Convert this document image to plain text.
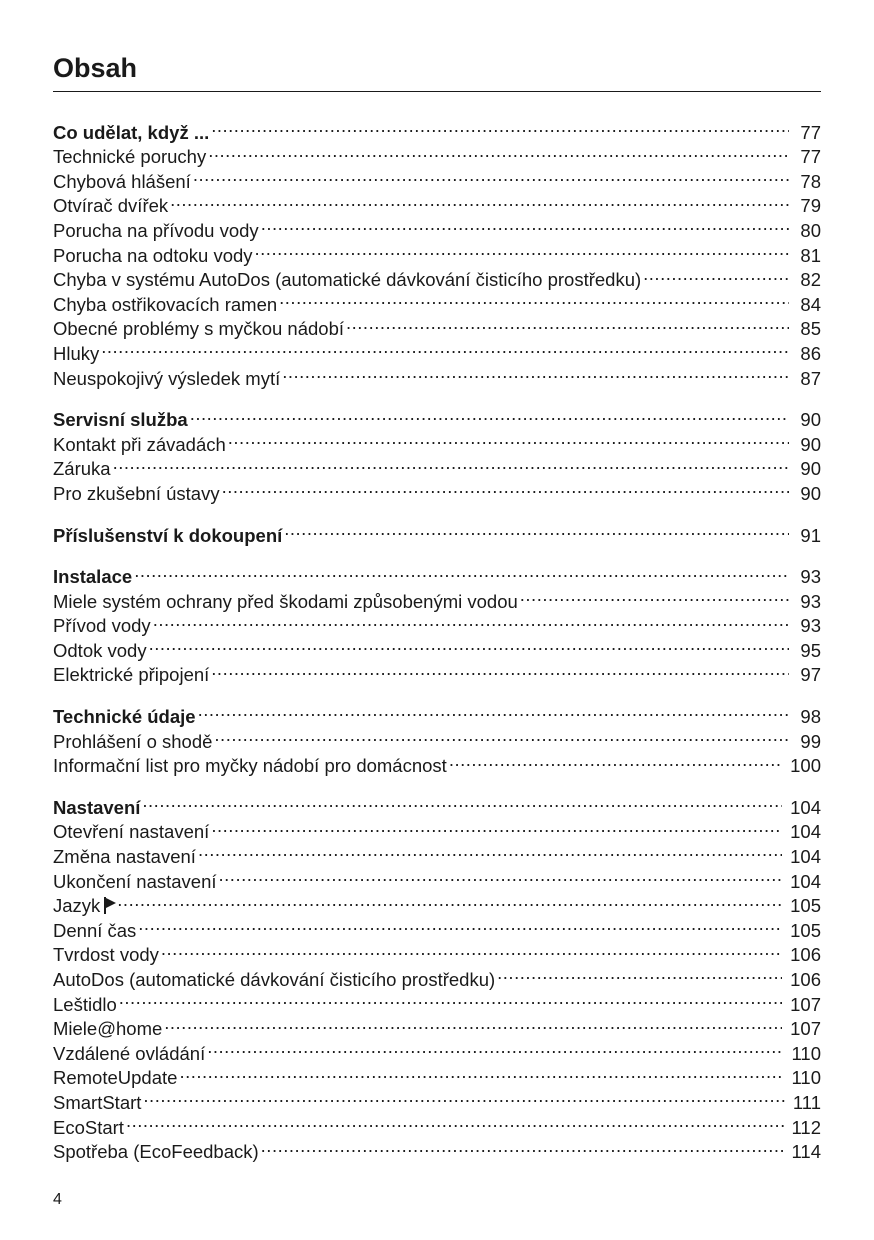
Obsah
Co udělat, když ... .....	77
Technické poruchy .....	77
Chybová hlášení .....	78
Otvírač dvířek .....	79
Porucha na přívodu vody .....	80
Porucha na odtoku vody .....	81
Chyba v systému AutoDos (automatické dávkování čisticího prostředku) .....	82
Chyba ostřikovacích ramen .....	84
Obecné problémy s myčkou nádobí .....	85
Hluky .....	86
Neuspokojivý výsledek mytí .....	87
Servisní služba .....	90
Kontakt při závadách .....	90
Záruka .....	90
Pro zkušební ústavy .....	90
Příslušenství k dokoupení .....	91
Instalace .....	93
Miele systém ochrany před škodami způsobenými vodou .....	93
Přívod vody .....	93
Odtok vody .....	95
Elektrické připojení .....	97
Technické údaje .....	98
Prohlášení o shodě .....	99
Informační list pro myčky nádobí pro domácnost .....	100
Nastavení .....	104
Otevření nastavení .....	104
Změna nastavení .....	104
Ukončení nastavení .....	104
Jazyk .....	105
Denní čas .....	105
Tvrdost vody .....	106
AutoDos (automatické dávkování čisticího prostředku) .....	106
Leštidlo .....	107
Miele@home .....	107
Vzdálené ovládání .....	110
RemoteUpdate .....	110
SmartStart .....	111
EcoStart .....	112
Spotřeba (EcoFeedback) .....	114
4
